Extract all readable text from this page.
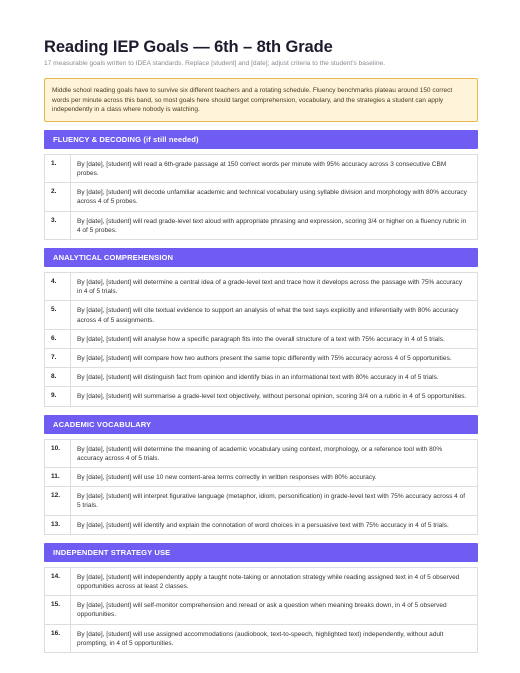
Reading IEP Goals — 6th – 8th Grade

17 measurable goals written to IDEA standards. Replace [student] and [date]; adjust criteria to the student's baseline.

Middle school reading goals have to survive six different teachers and a rotating schedule. Fluency benchmarks plateau around 150 correct words per minute across this band, so most goals here should target comprehension, vocabulary, and the strategies a student can apply independently in a class where nobody is watching.
FLUENCY & DECODING (if still needed)
1.	By [date], [student] will read a 6th-grade passage at 150 correct words per minute with 95% accuracy across 3 consecutive CBM probes.
2.	By [date], [student] will decode unfamiliar academic and technical vocabulary using syllable division and morphology with 80% accuracy across 4 of 5 probes.
3.	By [date], [student] will read grade-level text aloud with appropriate phrasing and expression, scoring 3/4 or higher on a fluency rubric in 4 of 5 probes.
ANALYTICAL COMPREHENSION
4.	By [date], [student] will determine a central idea of a grade-level text and trace how it develops across the passage with 75% accuracy in 4 of 5 trials.
5.	By [date], [student] will cite textual evidence to support an analysis of what the text says explicitly and inferentially with 80% accuracy across 4 of 5 assignments.
6.	By [date], [student] will analyse how a specific paragraph fits into the overall structure of a text with 75% accuracy in 4 of 5 trials.
7.	By [date], [student] will compare how two authors present the same topic differently with 75% accuracy across 4 of 5 opportunities.
8.	By [date], [student] will distinguish fact from opinion and identify bias in an informational text with 80% accuracy in 4 of 5 trials.
9.	By [date], [student] will summarise a grade-level text objectively, without personal opinion, scoring 3/4 on a rubric in 4 of 5 opportunities.
ACADEMIC VOCABULARY
10.	By [date], [student] will determine the meaning of academic vocabulary using context, morphology, or a reference tool with 80% accuracy across 4 of 5 trials.
11.	By [date], [student] will use 10 new content-area terms correctly in written responses with 80% accuracy.
12.	By [date], [student] will interpret figurative language (metaphor, idiom, personification) in grade-level text with 75% accuracy across 4 of 5 trials.
13.	By [date], [student] will identify and explain the connotation of word choices in a persuasive text with 75% accuracy in 4 of 5 trials.
INDEPENDENT STRATEGY USE
14.	By [date], [student] will independently apply a taught note-taking or annotation strategy while reading assigned text in 4 of 5 observed opportunities across at least 2 classes.
15.	By [date], [student] will self-monitor comprehension and reread or ask a question when meaning breaks down, in 4 of 5 observed opportunities.
16.	By [date], [student] will use assigned accommodations (audiobook, text-to-speech, highlighted text) independently, without adult prompting, in 4 of 5 opportunities.
